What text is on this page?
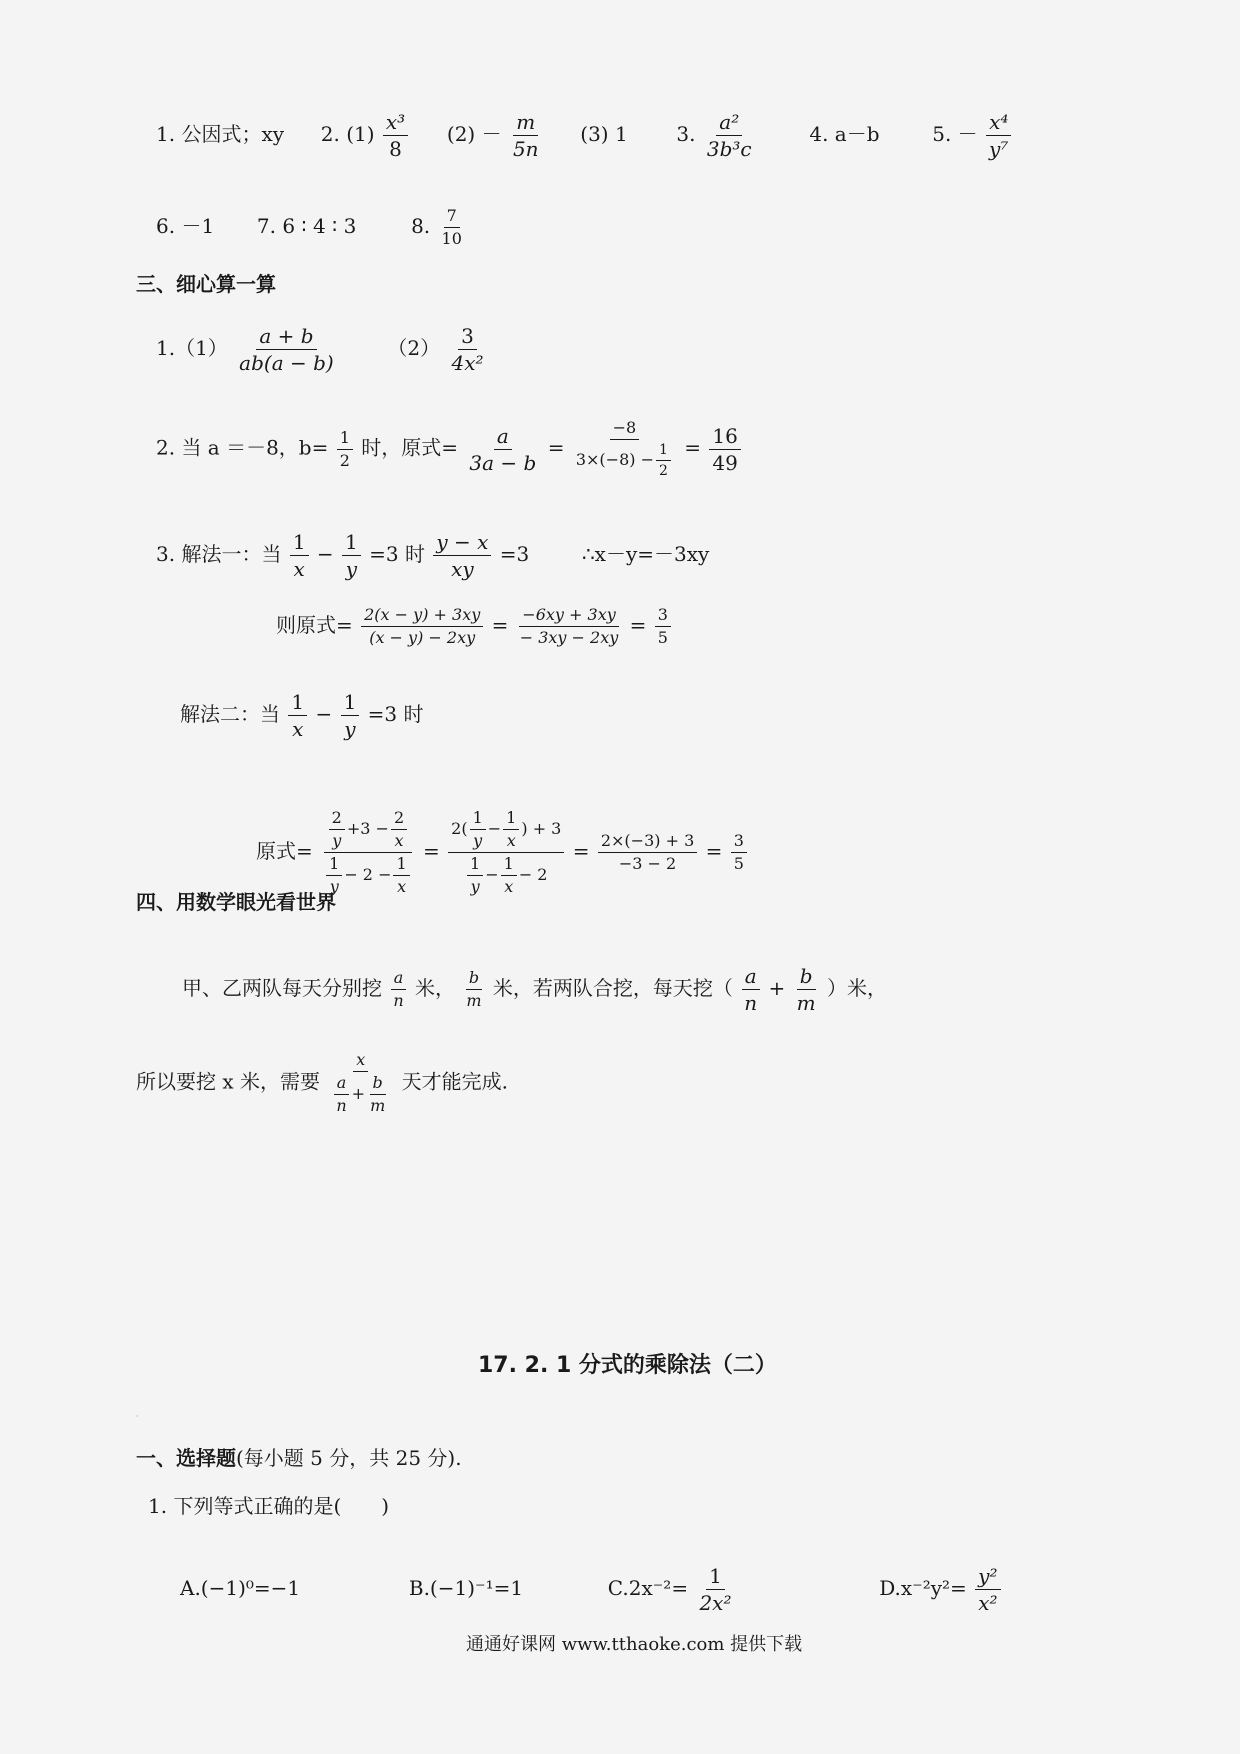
1. 公因式；xy 2. $(1) \frac{\text{x³}}{8} (2) - \frac{m}{5n} (3)$ 1 3. $\frac{\text{a²}}{\text{3b³c}}$	4. a－b	5. － $\frac{\text{x⁴}}{\text{y⁷}}$
6. －1 7. 6 ∶ 4 ∶ 3	8. $\frac{7}{10}$
三、细心算一算
$1.(1) \frac{a + b}{ab(a - b)}$	$(2) \frac{3}{\text{4x²}}$
2. 当 a ＝－8，$b= \frac{1}{2}$ 时，原式= $\frac{a}{3a - b} = \frac{-8}{3\times(-8) - \frac{1}{2}} = \frac{16}{49}$
3. 解法一：当 $\frac{1}{x} - \frac{1}{y} =3$ 时 $\frac{y - x}{xy} =3$	∴x－y=－3xy
则原式= $\frac{2(x - y) + 3xy}{(x - y) - 2xy} = \frac{-6xy + 3xy}{- 3xy - 2xy} = \frac{3}{5}$
解法二：当 $\frac{1}{x} - \frac{1}{y} =3$ 时
原式= $\frac{\frac{2}{y} +3 - \frac{2}{x}}{\frac{1}{y} - 2 - \frac{1}{x}} = \frac{2( \frac{1}{y} - \frac{1}{x} ) + 3}{\frac{1}{y} - \frac{1}{x} - 2} = \frac{2\times(-3) + 3}{-3 - 2} = \frac{3}{5}$
四、用数学眼光看世界
甲、乙两队每天分别挖 $\frac{a}{n}$ 米， $\frac{b}{m}$ 米，若两队合挖，每天挖（ $\frac{a}{n} + \frac{b}{m}$ ）米，
所以要挖 x 米，需要 $\frac{x}{\frac{a}{n} + \frac{b}{m}}$ 天才能完成.
17. 2. 1 分式的乘除法（二）
·
一、选择题(每小题 5 分，共 25 分).
1. 下列等式正确的是(　　)
A.(−1)⁰=−1	B.(−1)⁻¹=1	$C.2x^{-2}= \frac{1}{\text{2x²}}$	$D.x^{-2}y^2= \frac{\text{y²}}{\text{x²}}$
通通好课网 www.tthaoke.com 提供下载
